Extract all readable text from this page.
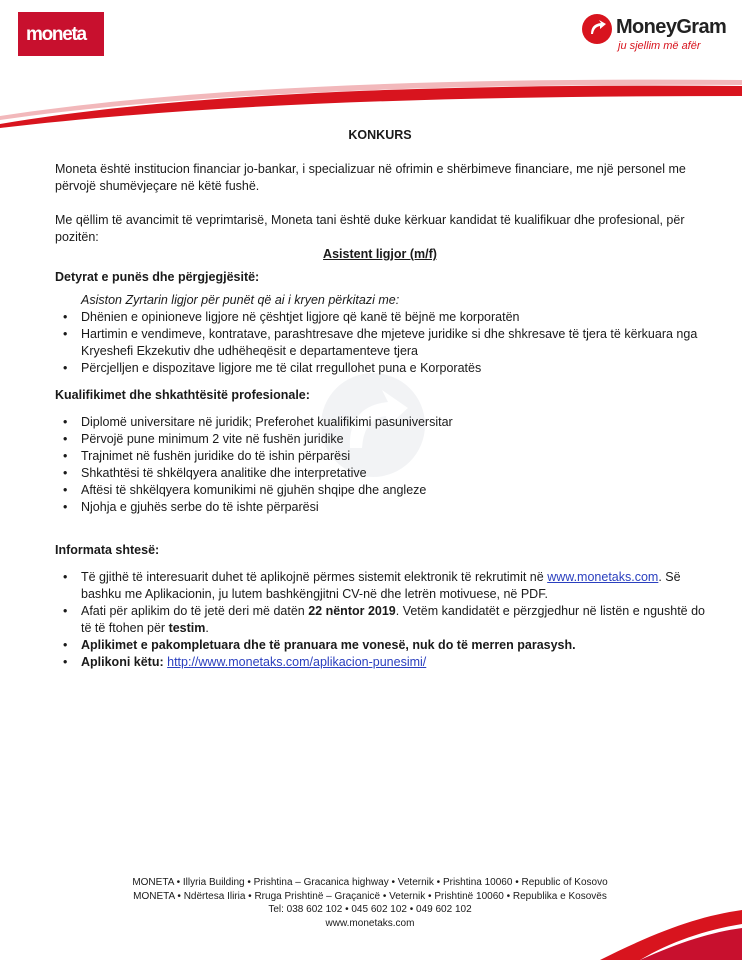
moneta	MoneyGram
ju sjellim më afër

KONKURS

Moneta është institucion financiar jo-bankar, i specializuar në ofrimin e shërbimeve financiare, me një personel me përvojë shumëvjeçare në këtë fushë.

Me qëllim të avancimit të veprimtarisë, Moneta tani është duke kërkuar kandidat të kualifikuar dhe profesional, për pozitën:

Asistent ligjor (m/f)

Detyrat e punës dhe përgjegjësitë:

Asiston Zyrtarin ligjor për punët që ai i kryen përkitazi me:

• Dhënien e opinioneve ligjore në çështjet ligjore që kanë të bëjnë me korporatën
• Hartimin e vendimeve, kontratave, parashtresave dhe mjeteve juridike si dhe shkresave të tjera të kërkuara nga Kryeshefi Ekzekutiv dhe udhëheqësit e departamenteve tjera
• Përcjelljen e dispozitave ligjore me të cilat rregullohet puna e Korporatës

Kualifikimet dhe shkathtësitë profesionale:

• Diplomë universitare në juridik; Preferohet kualifikimi pasuniversitar
• Përvojë pune minimum 2 vite në fushën juridike
• Trajnimet në fushën juridike do të ishin përparësi
• Shkathtësi të shkëlqyera analitike dhe interpretative
• Aftësi të shkëlqyera komunikimi në gjuhën shqipe dhe angleze
• Njohja e gjuhës serbe do të ishte përparësi

Informata shtesë:

• Të gjithë të interesuarit duhet të aplikojnë përmes sistemit elektronik të rekrutimit në www.monetaks.com. Së bashku me Aplikacionin, ju lutem bashkëngjitni CV-në dhe letrën motivuese, në PDF.
• Afati për aplikim do të jetë deri më datën 22 nëntor 2019. Vetëm kandidatët e përzgjedhur në listën e ngushtë do të të ftohen për testim.
• Aplikimet e pakompletuara dhe të pranuara me vonesë, nuk do të merren parasysh.
• Aplikoni këtu: http://www.monetaks.com/aplikacion-punesimi/
MONETA • Illyria Building • Prishtina – Gracanica highway • Veternik • Prishtina 10060 • Republic of Kosovo
MONETA • Ndërtesa Iliria • Rruga Prishtinë – Graçanicë • Veternik • Prishtinë 10060 • Republika e Kosovës
Tel: 038 602 102 • 045 602 102 • 049 602 102
www.monetaks.com
